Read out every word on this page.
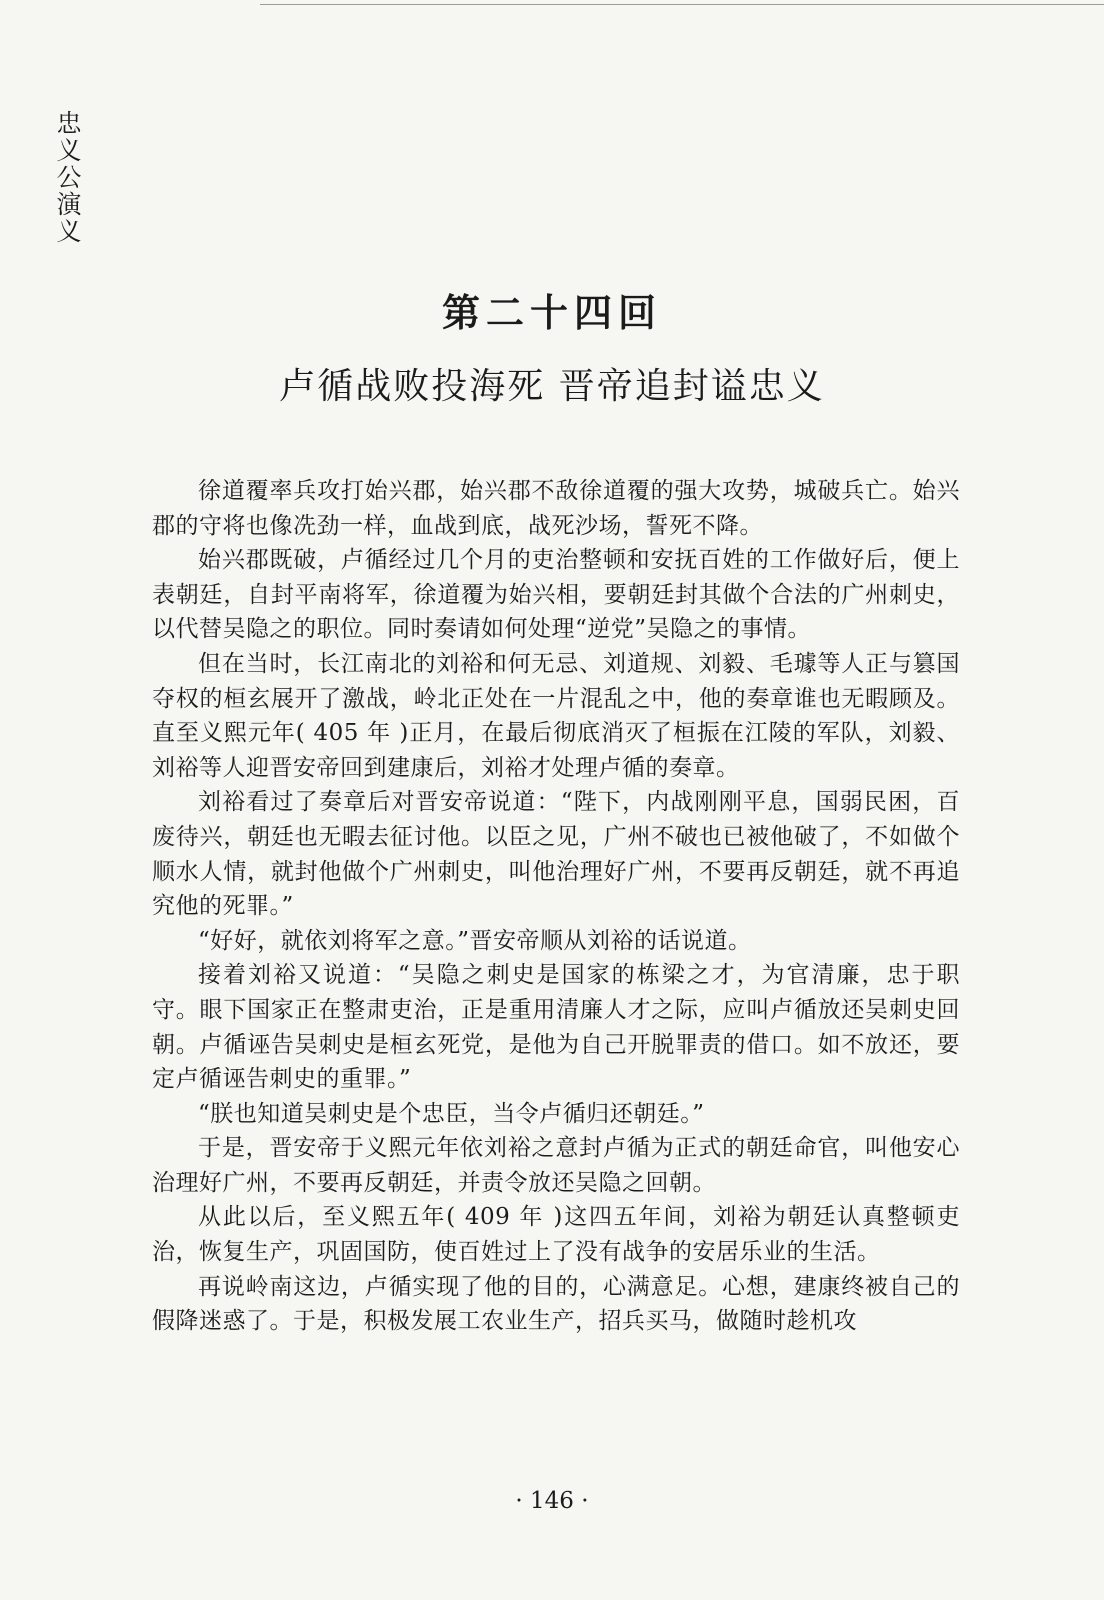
忠义公演义
第二十四回
卢循战败投海死 晋帝追封谥忠义

徐道覆率兵攻打始兴郡，始兴郡不敌徐道覆的强大攻势，城破兵亡。始兴郡的守将也像冼劲一样，血战到底，战死沙场，誓死不降。

始兴郡既破，卢循经过几个月的吏治整顿和安抚百姓的工作做好后，便上表朝廷，自封平南将军，徐道覆为始兴相，要朝廷封其做个合法的广州刺史，以代替吴隐之的职位。同时奏请如何处理“逆党”吴隐之的事情。

但在当时，长江南北的刘裕和何无忌、刘道规、刘毅、毛璩等人正与篡国夺权的桓玄展开了激战，岭北正处在一片混乱之中，他的奏章谁也无暇顾及。直至义熙元年( 405 年 )正月，在最后彻底消灭了桓振在江陵的军队，刘毅、刘裕等人迎晋安帝回到建康后，刘裕才处理卢循的奏章。

刘裕看过了奏章后对晋安帝说道：“陛下，内战刚刚平息，国弱民困，百废待兴，朝廷也无暇去征讨他。以臣之见，广州不破也已被他破了，不如做个顺水人情，就封他做个广州刺史，叫他治理好广州，不要再反朝廷，就不再追究他的死罪。”

“好好，就依刘将军之意。”晋安帝顺从刘裕的话说道。

接着刘裕又说道：“吴隐之刺史是国家的栋梁之才，为官清廉，忠于职守。眼下国家正在整肃吏治，正是重用清廉人才之际，应叫卢循放还吴刺史回朝。卢循诬告吴刺史是桓玄死党，是他为自己开脱罪责的借口。如不放还，要定卢循诬告刺史的重罪。”

“朕也知道吴刺史是个忠臣，当令卢循归还朝廷。”

于是，晋安帝于义熙元年依刘裕之意封卢循为正式的朝廷命官，叫他安心治理好广州，不要再反朝廷，并责令放还吴隐之回朝。

从此以后，至义熙五年( 409 年 )这四五年间，刘裕为朝廷认真整顿吏治，恢复生产，巩固国防，使百姓过上了没有战争的安居乐业的生活。

再说岭南这边，卢循实现了他的目的，心满意足。心想，建康终被自己的假降迷惑了。于是，积极发展工农业生产，招兵买马，做随时趁机攻

· 146 ·
